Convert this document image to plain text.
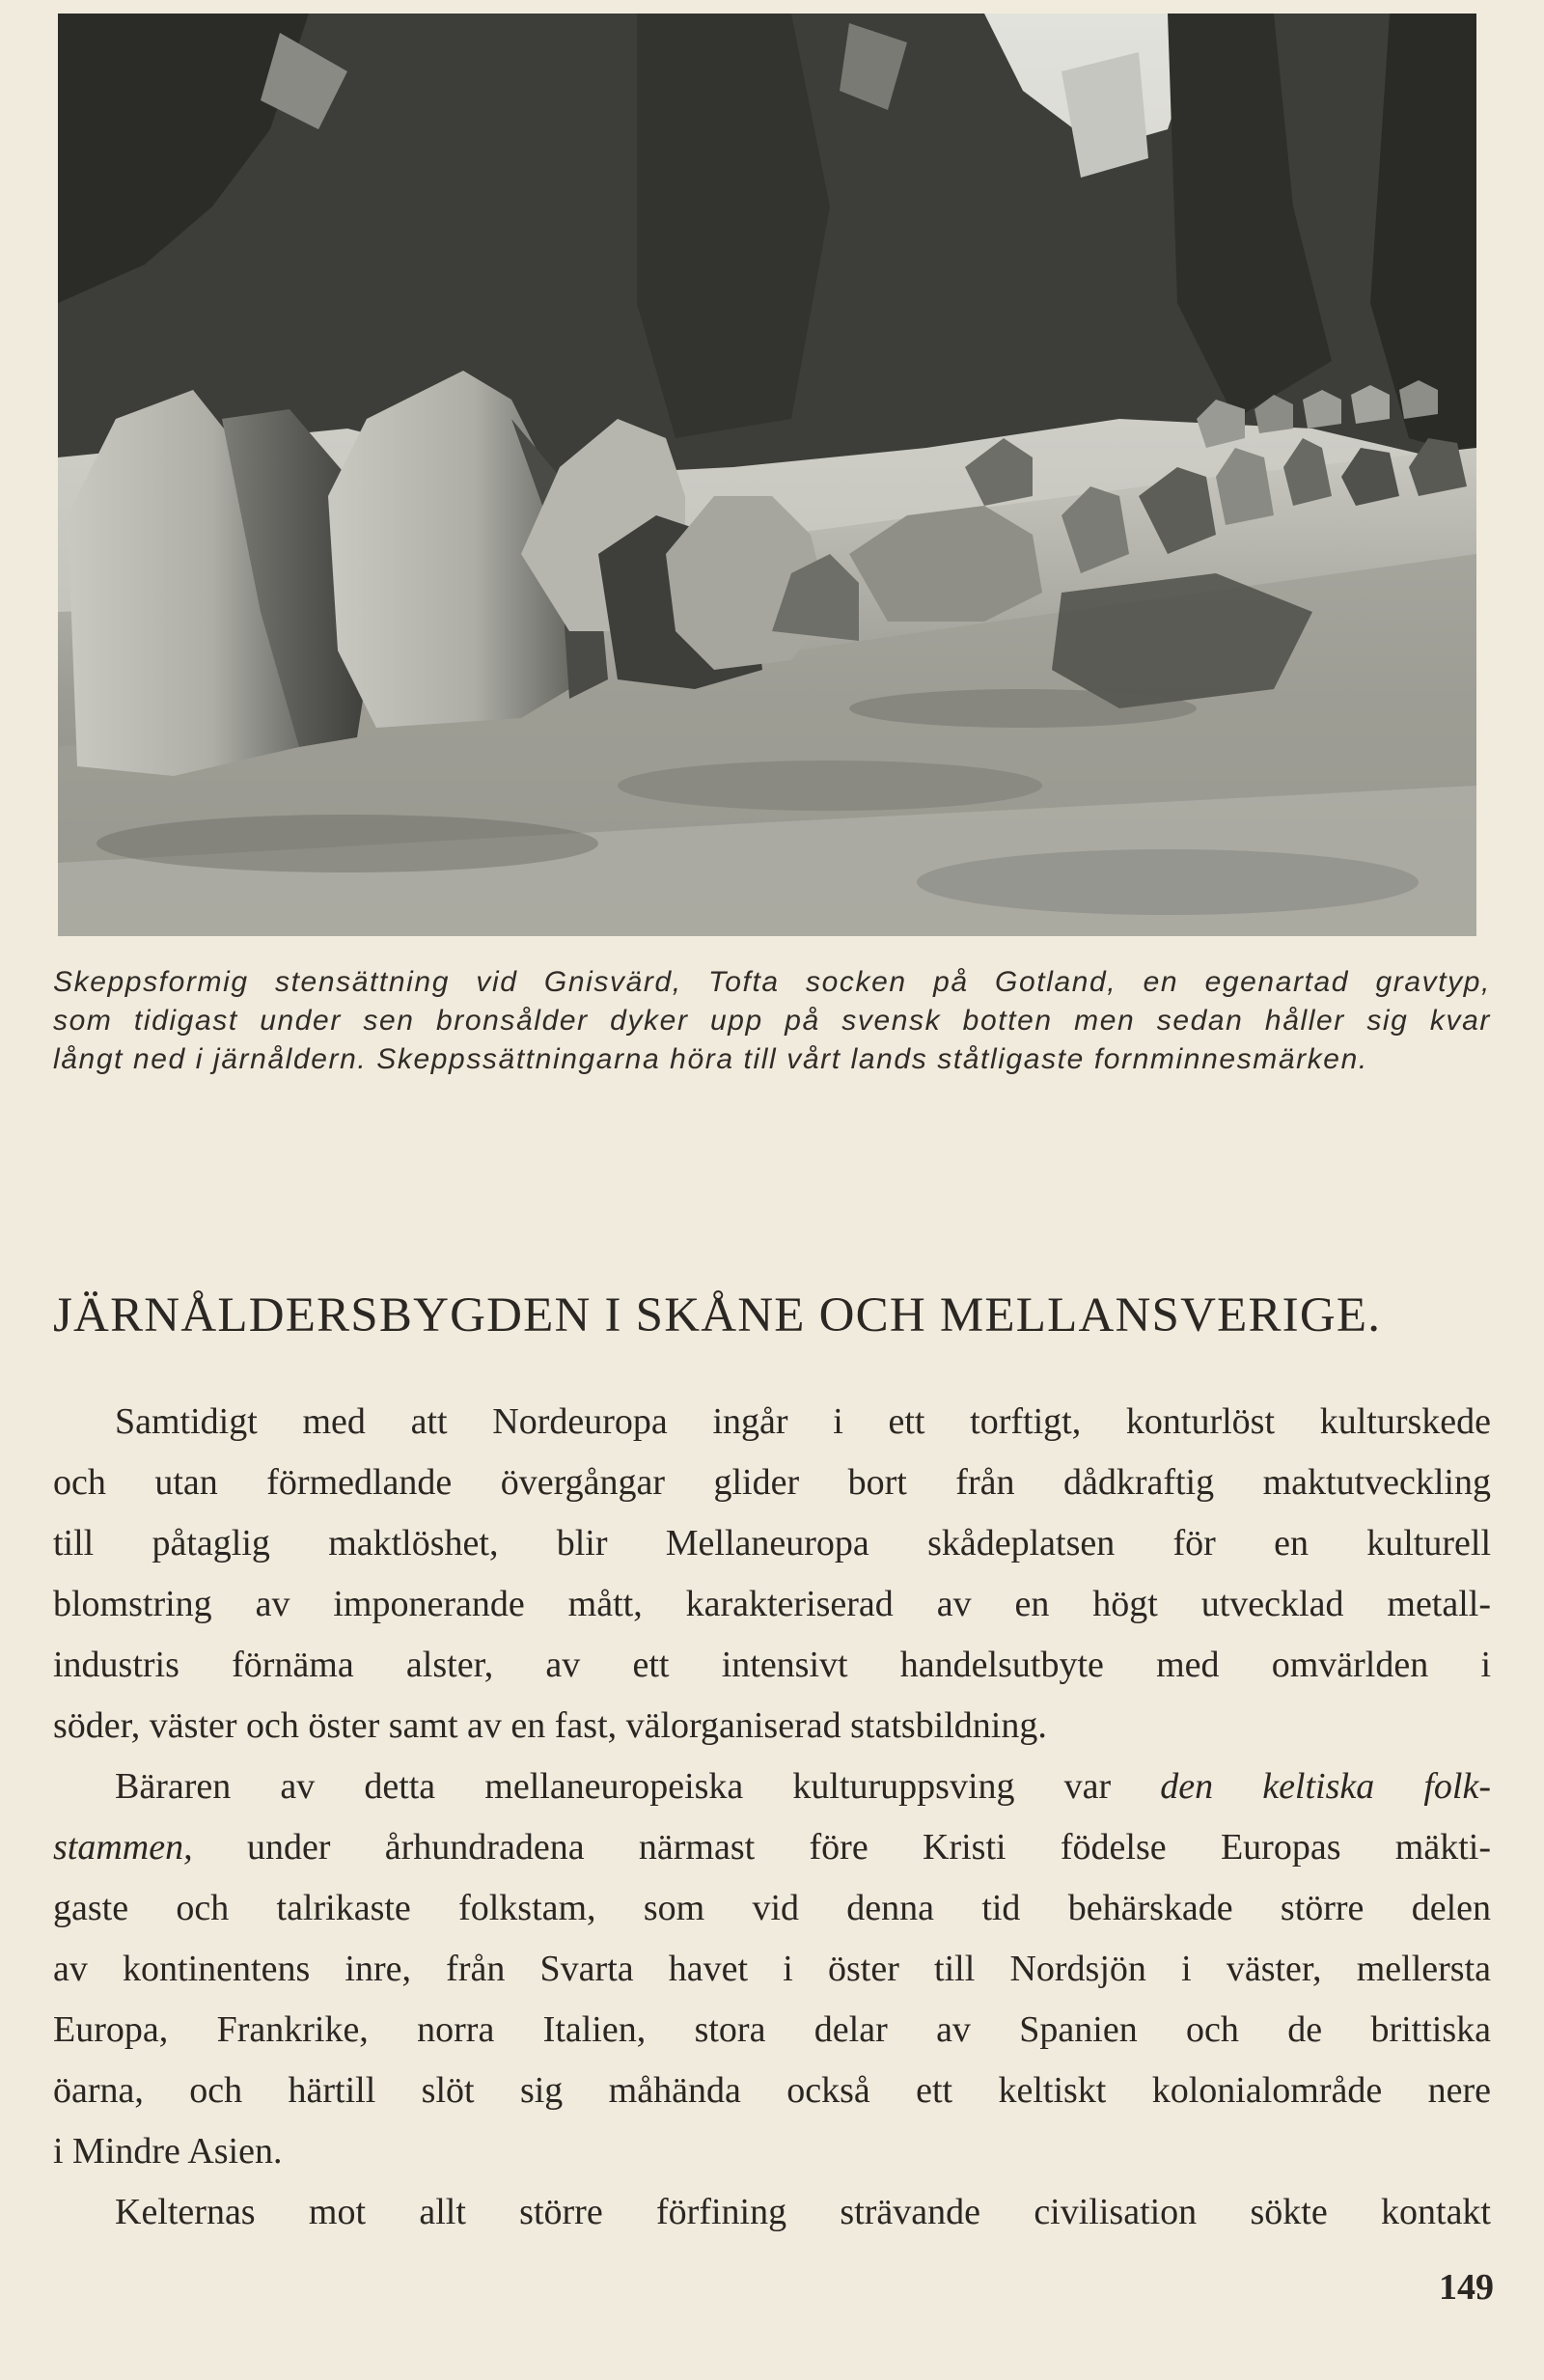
Skeppsformig stensättning vid Gnisvärd, Tofta socken på Gotland, en egenartad gravtyp,
som tidigast under sen bronsålder dyker upp på svensk botten men sedan håller sig kvar
långt ned i järnåldern. Skeppssättningarna höra till vårt lands ståtligaste fornminnesmärken.
JÄRNÅLDERSBYGDEN I SKÅNE OCH MELLANSVERIGE.
Samtidigt med att Nordeuropa ingår i ett torftigt, konturlöst kulturskede
och utan förmedlande övergångar glider bort från dådkraftig maktutveckling
till påtaglig maktlöshet, blir Mellaneuropa skådeplatsen för en kulturell
blomstring av imponerande mått, karakteriserad av en högt utvecklad metall-
industris förnäma alster, av ett intensivt handelsutbyte med omvärlden i
söder, väster och öster samt av en fast, välorganiserad statsbildning.
Bäraren av detta mellaneuropeiska kulturuppsving var den keltiska folk-
stammen, under århundradena närmast före Kristi födelse Europas mäkti-
gaste och talrikaste folkstam, som vid denna tid behärskade större delen
av kontinentens inre, från Svarta havet i öster till Nordsjön i väster, mellersta
Europa, Frankrike, norra Italien, stora delar av Spanien och de brittiska
öarna, och härtill slöt sig måhända också ett keltiskt kolonialområde nere
i Mindre Asien.
Kelternas mot allt större förfining strävande civilisation sökte kontakt
149
